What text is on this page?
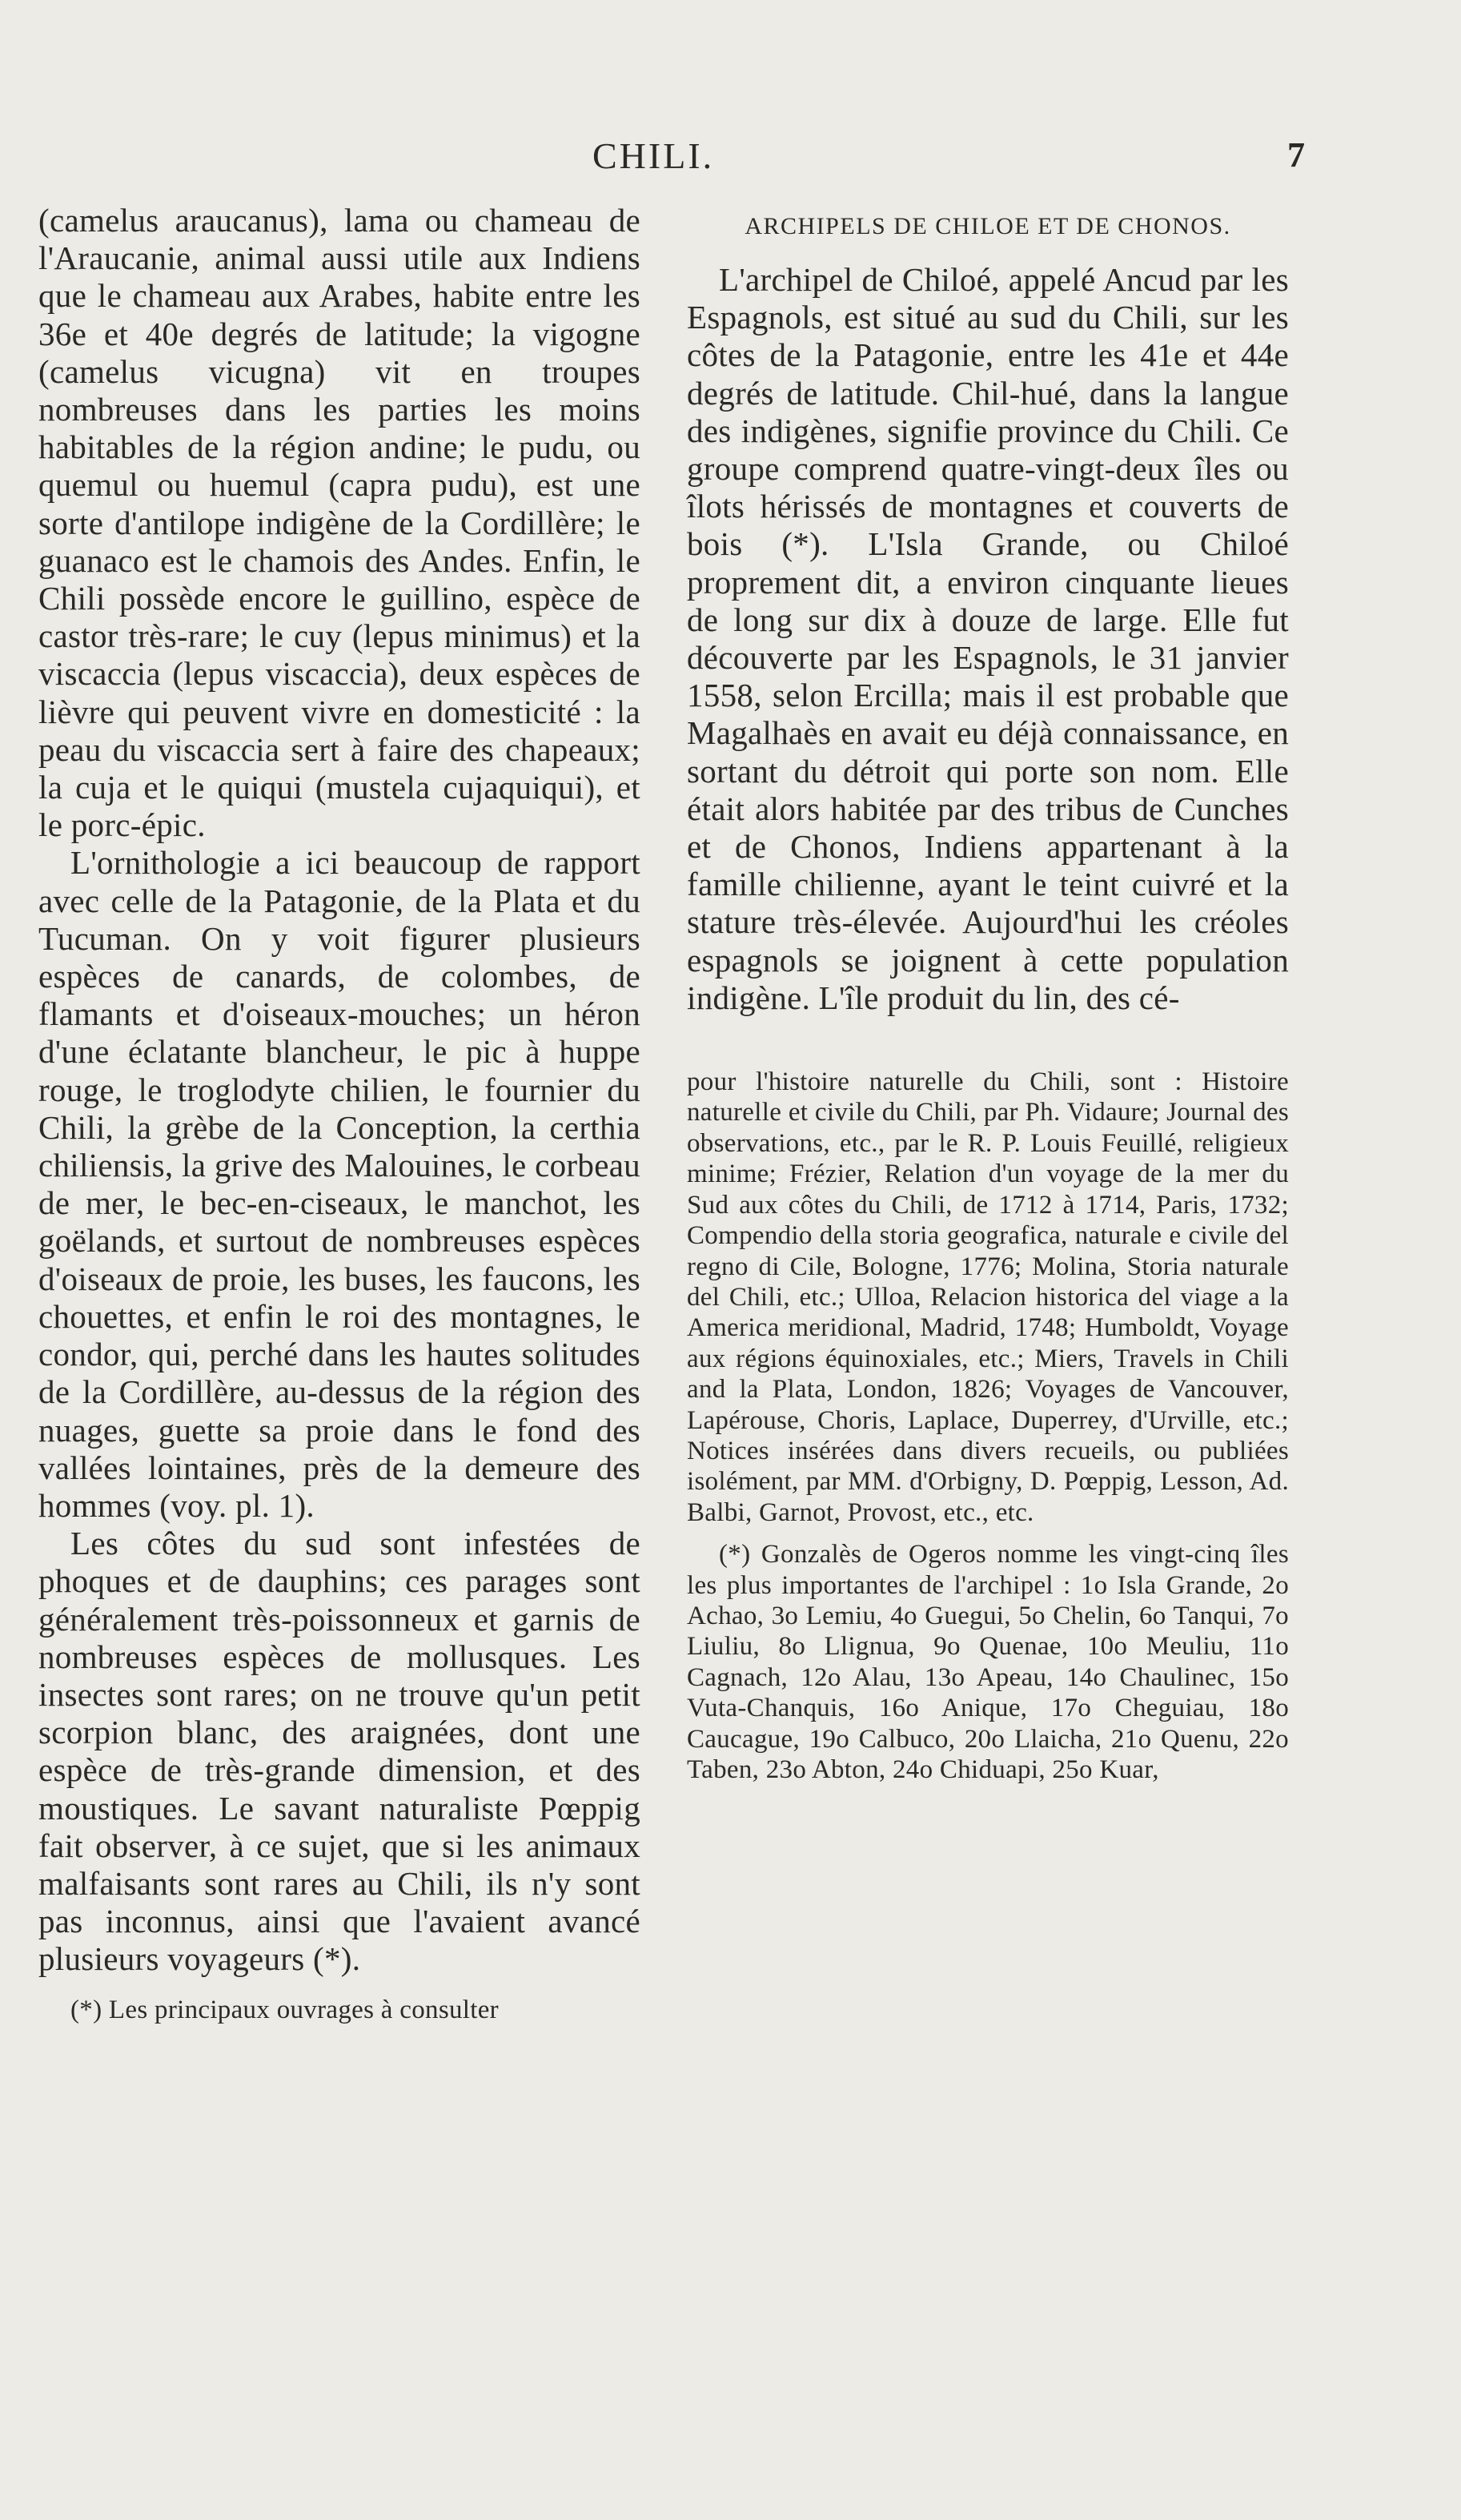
CHILI.	7

(camelus araucanus), lama ou chameau de l'Araucanie, animal aussi utile aux Indiens que le chameau aux Arabes, habite entre les 36e et 40e degrés de latitude; la vigogne (camelus vicugna) vit en troupes nombreuses dans les parties les moins habitables de la région andine; le pudu, ou quemul ou huemul (capra pudu), est une sorte d'antilope indigène de la Cordillère; le guanaco est le chamois des Andes. Enfin, le Chili possède encore le guillino, espèce de castor très-rare; le cuy (lepus minimus) et la viscaccia (lepus viscaccia), deux espèces de lièvre qui peuvent vivre en domesticité : la peau du viscaccia sert à faire des chapeaux; la cuja et le quiqui (mustela cujaquiqui), et le porc-épic.

L'ornithologie a ici beaucoup de rapport avec celle de la Patagonie, de la Plata et du Tucuman. On y voit figurer plusieurs espèces de canards, de colombes, de flamants et d'oiseaux-mouches; un héron d'une éclatante blancheur, le pic à huppe rouge, le troglodyte chilien, le fournier du Chili, la grèbe de la Conception, la certhia chiliensis, la grive des Malouines, le corbeau de mer, le bec-en-ciseaux, le manchot, les goëlands, et surtout de nombreuses espèces d'oiseaux de proie, les buses, les faucons, les chouettes, et enfin le roi des montagnes, le condor, qui, perché dans les hautes solitudes de la Cordillère, au-dessus de la région des nuages, guette sa proie dans le fond des vallées lointaines, près de la demeure des hommes (voy. pl. 1).

Les côtes du sud sont infestées de phoques et de dauphins; ces parages sont généralement très-poissonneux et garnis de nombreuses espèces de mollusques. Les insectes sont rares; on ne trouve qu'un petit scorpion blanc, des araignées, dont une espèce de très-grande dimension, et des moustiques. Le savant naturaliste Pœppig fait observer, à ce sujet, que si les animaux malfaisants sont rares au Chili, ils n'y sont pas inconnus, ainsi que l'avaient avancé plusieurs voyageurs (*).

(*) Les principaux ouvrages à consulter

ARCHIPELS DE CHILOE ET DE CHONOS.

L'archipel de Chiloé, appelé Ancud par les Espagnols, est situé au sud du Chili, sur les côtes de la Patagonie, entre les 41e et 44e degrés de latitude. Chil-hué, dans la langue des indigènes, signifie province du Chili. Ce groupe comprend quatre-vingt-deux îles ou îlots hérissés de montagnes et couverts de bois (*). L'Isla Grande, ou Chiloé proprement dit, a environ cinquante lieues de long sur dix à douze de large. Elle fut découverte par les Espagnols, le 31 janvier 1558, selon Ercilla; mais il est probable que Magalhaès en avait eu déjà connaissance, en sortant du détroit qui porte son nom. Elle était alors habitée par des tribus de Cunches et de Chonos, Indiens appartenant à la famille chilienne, ayant le teint cuivré et la stature très-élevée. Aujourd'hui les créoles espagnols se joignent à cette population indigène. L'île produit du lin, des cé-

pour l'histoire naturelle du Chili, sont : Histoire naturelle et civile du Chili, par Ph. Vidaure; Journal des observations, etc., par le R. P. Louis Feuillé, religieux minime; Frézier, Relation d'un voyage de la mer du Sud aux côtes du Chili, de 1712 à 1714, Paris, 1732; Compendio della storia geografica, naturale e civile del regno di Cile, Bologne, 1776; Molina, Storia naturale del Chili, etc.; Ulloa, Relacion historica del viage a la America meridional, Madrid, 1748; Humboldt, Voyage aux régions équinoxiales, etc.; Miers, Travels in Chili and la Plata, London, 1826; Voyages de Vancouver, Lapérouse, Choris, Laplace, Duperrey, d'Urville, etc.; Notices insérées dans divers recueils, ou publiées isolément, par MM. d'Orbigny, D. Pœppig, Lesson, Ad. Balbi, Garnot, Provost, etc., etc.

(*) Gonzalès de Ogeros nomme les vingt-cinq îles les plus importantes de l'archipel : 1o Isla Grande, 2o Achao, 3o Lemiu, 4o Guegui, 5o Chelin, 6o Tanqui, 7o Liuliu, 8o Llignua, 9o Quenae, 10o Meuliu, 11o Cagnach, 12o Alau, 13o Apeau, 14o Chaulinec, 15o Vuta-Chanquis, 16o Anique, 17o Cheguiau, 18o Caucague, 19o Calbuco, 20o Llaicha, 21o Quenu, 22o Taben, 23o Abton, 24o Chiduapi, 25o Kuar,
